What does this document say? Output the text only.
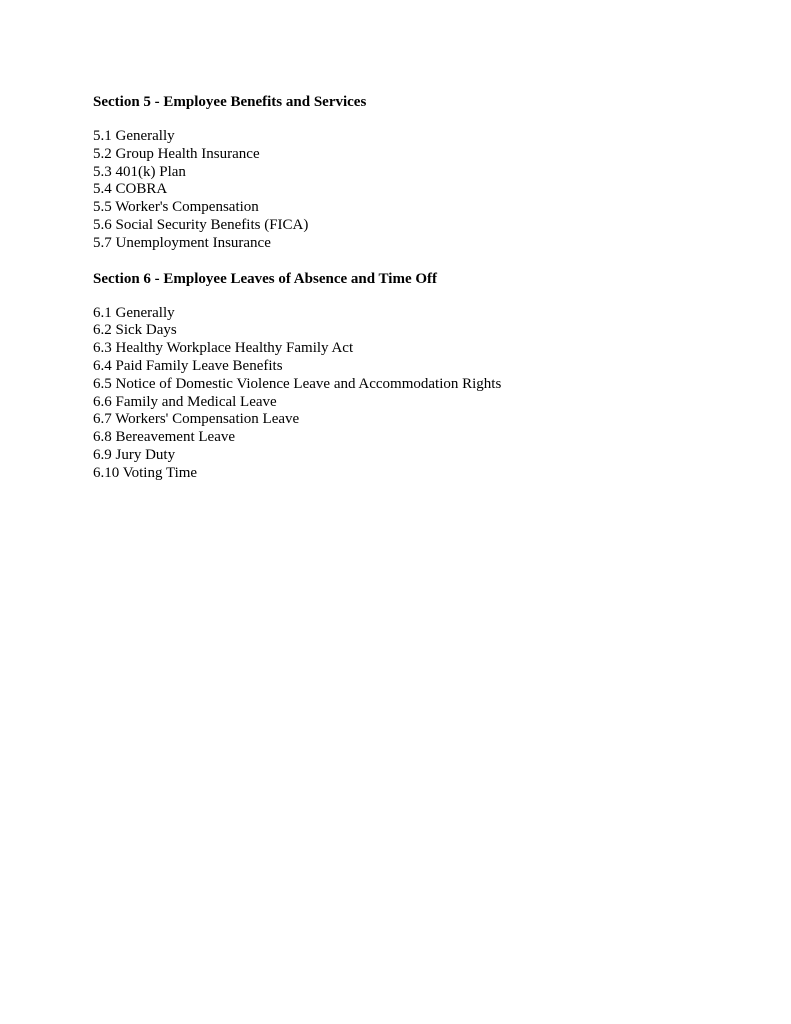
Section 5 - Employee Benefits and Services
5.1 Generally
5.2 Group Health Insurance
5.3 401(k) Plan
5.4 COBRA
5.5 Worker's Compensation
5.6 Social Security Benefits (FICA)
5.7 Unemployment Insurance
Section 6 - Employee Leaves of Absence and Time Off
6.1 Generally
6.2 Sick Days
6.3 Healthy Workplace Healthy Family Act
6.4 Paid Family Leave Benefits
6.5 Notice of Domestic Violence Leave and Accommodation Rights
6.6 Family and Medical Leave
6.7 Workers' Compensation Leave
6.8 Bereavement Leave
6.9 Jury Duty
6.10 Voting Time
